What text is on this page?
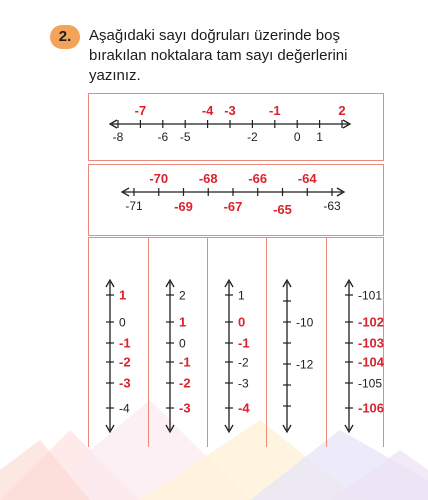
2.	Aşağıdaki sayı doğruları üzerinde boş
bırakılan noktalara tam sayı değerlerini
yazınız.
-8	-6 -5	-2	0 1
-7	-4 -3	-1	2
-71	-63
-70
-69
-68
-67
-66
-65
-64
1
0
-1
-2
-3
-4
2
1
0
-1
-2
-3
1
0
-1
-2
-3
-4
-10
-12
-101
-102
-103
-104
-105
-106
